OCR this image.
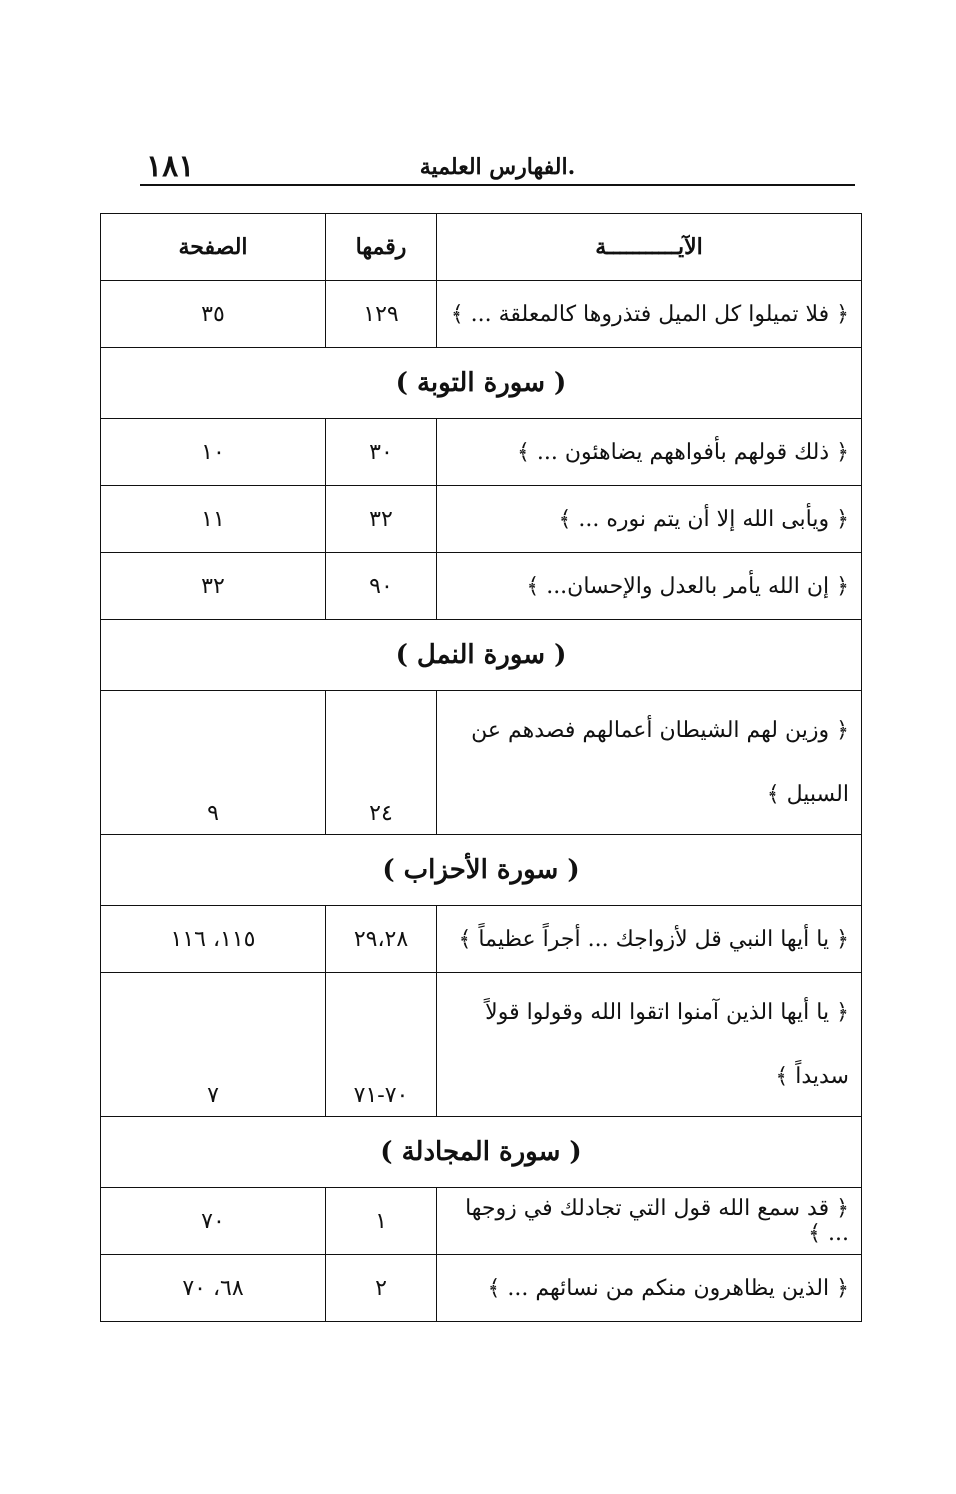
١٨١	الفهارس العلمية.
الآيـــــــــــة	رقمها	الصفحة
﴿ فلا تميلوا كل الميل فتذروها كالمعلقة ... ﴾	١٢٩	٣٥
( سورة التوبة )		
﴿ ذلك قولهم بأفواههم يضاهئون ... ﴾	٣٠	١٠
﴿ ويأبى الله إلا أن يتم نوره ... ﴾	٣٢	١١
﴿ إن الله يأمر بالعدل والإحسان... ﴾	٩٠	٣٢
( سورة النمل )		
﴿ وزين لهم الشيطان أعمالهم فصدهم عن السبيل ﴾	٢٤	٩
( سورة الأحزاب )		
﴿ يا أيها النبي قل لأزواجك ... أجراً عظيماً ﴾	٢٩،٢٨	١١٥، ١١٦
﴿ يا أيها الذين آمنوا اتقوا الله وقولوا قولاً سديداً ﴾	٧٠-٧١	٧
( سورة المجادلة )		
﴿ قد سمع الله قول التي تجادلك في زوجها ... ﴾	١	٧٠
﴿ الذين يظاهرون منكم من نسائهم ... ﴾	٢	٦٨، ٧٠
